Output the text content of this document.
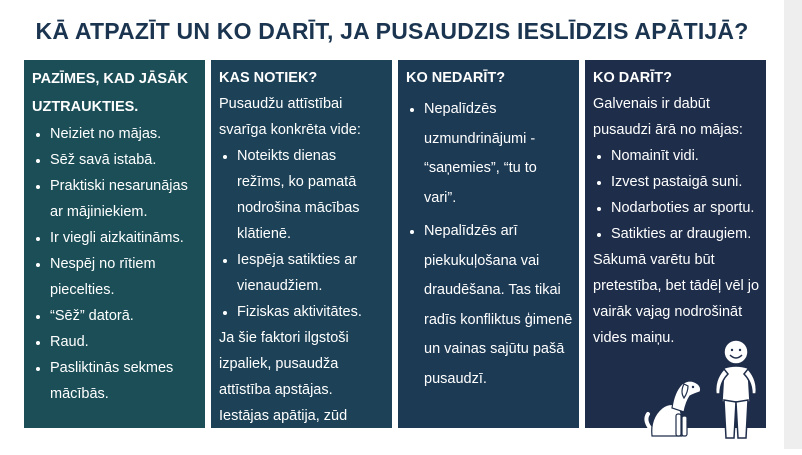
KĀ ATPAZĪT UN KO DARĪT, JA PUSAUDZIS IESLĪDZIS APĀTIJĀ?

PAZĪMES, KAD JĀSĀK UZTRAUKTIES.

• Neiziet no mājas.
• Sēž savā istabā.
• Praktiski nesarunājas ar mājiniekiem.
• Ir viegli aizkaitināms.
• Nespēj no rītiem piecelties.
• “Sēž” datorā.
• Raud.
• Pasliktinās sekmes mācībās.

KAS NOTIEK?

Pusaudžu attīstībai svarīga konkrēta vide:

• Noteikts dienas režīms, ko pamatā nodrošina mācības klātienē.
• Iespēja satikties ar vienaudžiem.
• Fiziskas aktivitātes.

Ja šie faktori ilgstoši izpaliek, pusaudža attīstība apstājas. Iestājas apātija, zūd motivācija.

KO NEDARĪT?

• Nepalīdzēs uzmundrinājumi - “saņemies”, “tu to vari”.
• Nepalīdzēs arī piekukuļošana vai draudēšana. Tas tikai radīs konfliktus ģimenē un vainas sajūtu pašā pusaudzī.

KO DARĪT?

Galvenais ir dabūt pusaudzi ārā no mājas:

• Nomainīt vidi.
• Izvest pastaigā suni.
• Nodarboties ar sportu.
• Satikties ar draugiem.

Sākumā varētu būt pretestība, bet tādēļ vēl jo vairāk vajag nodrošināt vides maiņu.
